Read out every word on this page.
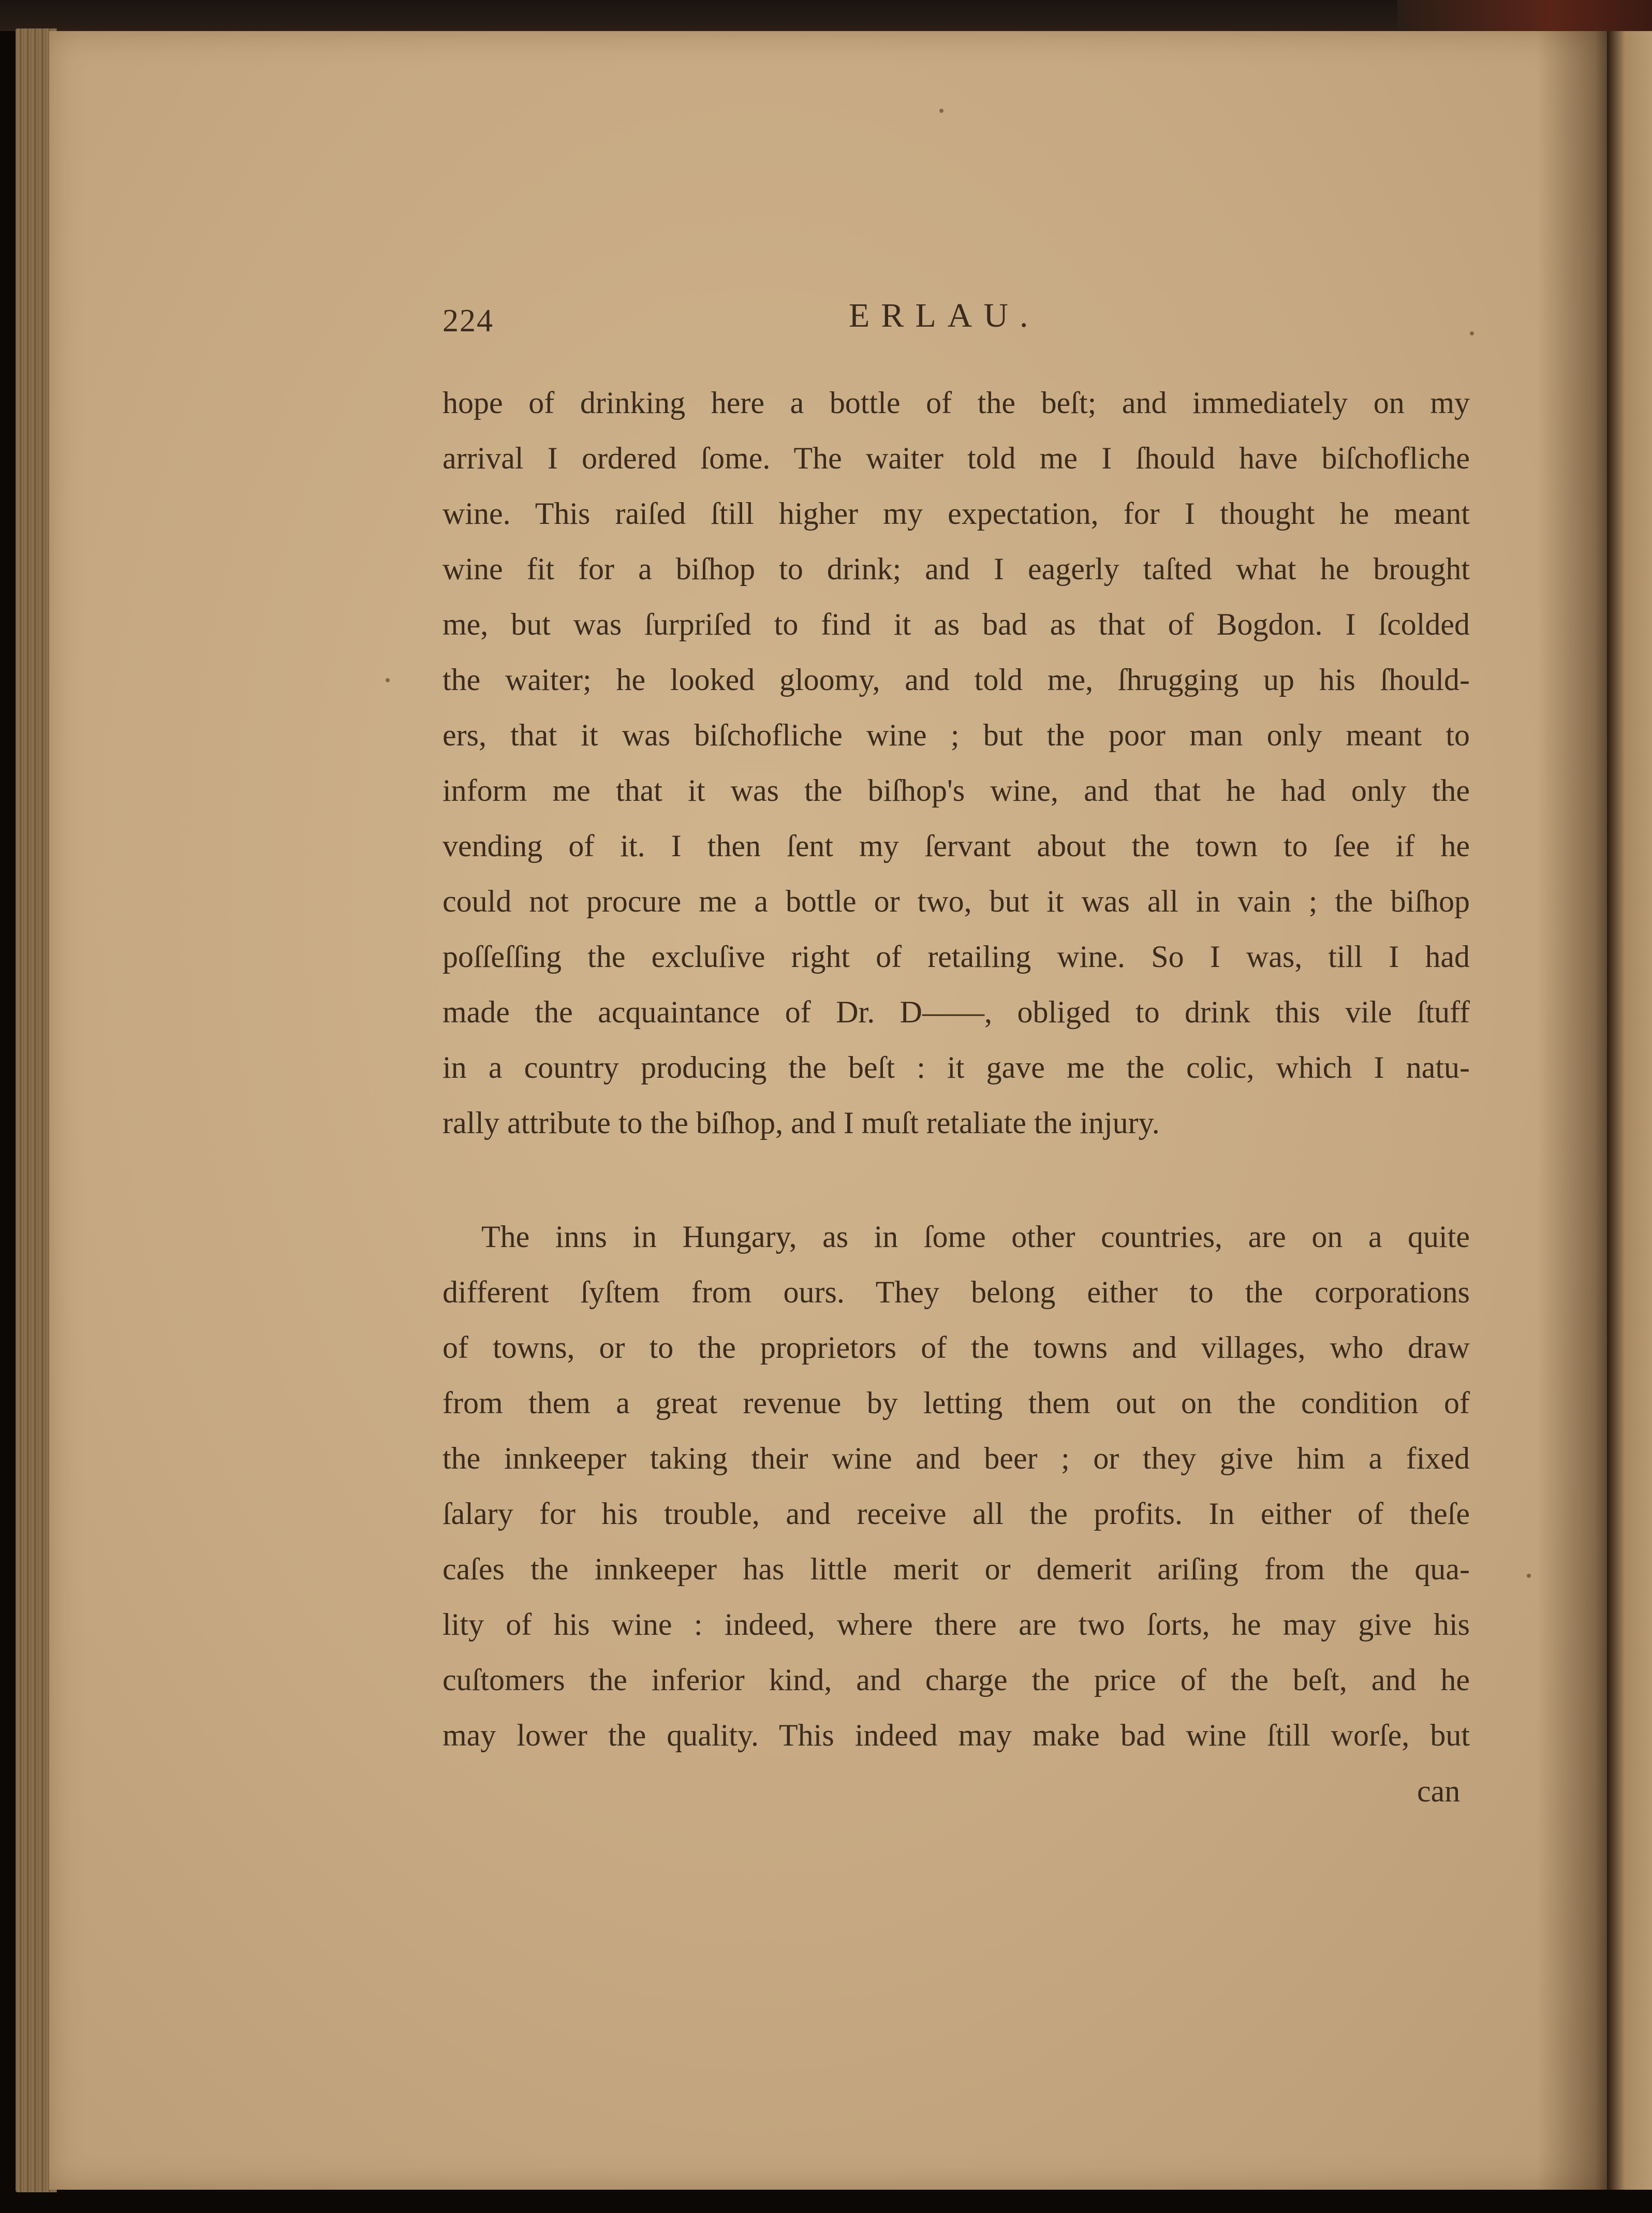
224	ERLAU.
hope of drinking here a bottle of the beſt; and immediately on my
arrival I ordered ſome. The waiter told me I ſhould have biſchofliche
wine. This raiſed ſtill higher my expectation, for I thought he meant
wine fit for a biſhop to drink; and I eagerly taſted what he brought
me, but was ſurpriſed to find it as bad as that of Bogdon. I ſcolded
the waiter; he looked gloomy, and told me, ſhrugging up his ſhould-
ers, that it was biſchofliche wine ; but the poor man only meant to
inform me that it was the biſhop's wine, and that he had only the
vending of it. I then ſent my ſervant about the town to ſee if he
could not procure me a bottle or two, but it was all in vain ; the biſhop
poſſeſſing the excluſive right of retailing wine. So I was, till I had
made the acquaintance of Dr. D——, obliged to drink this vile ſtuff
in a country producing the beſt : it gave me the colic, which I natu-
rally attribute to the biſhop, and I muſt retaliate the injury.
The inns in Hungary, as in ſome other countries, are on a quite
different ſyſtem from ours. They belong either to the corporations
of towns, or to the proprietors of the towns and villages, who draw
from them a great revenue by letting them out on the condition of
the innkeeper taking their wine and beer ; or they give him a fixed
ſalary for his trouble, and receive all the profits. In either of theſe
caſes the innkeeper has little merit or demerit ariſing from the qua-
lity of his wine : indeed, where there are two ſorts, he may give his
cuſtomers the inferior kind, and charge the price of the beſt, and he
may lower the quality. This indeed may make bad wine ſtill worſe, but
can
